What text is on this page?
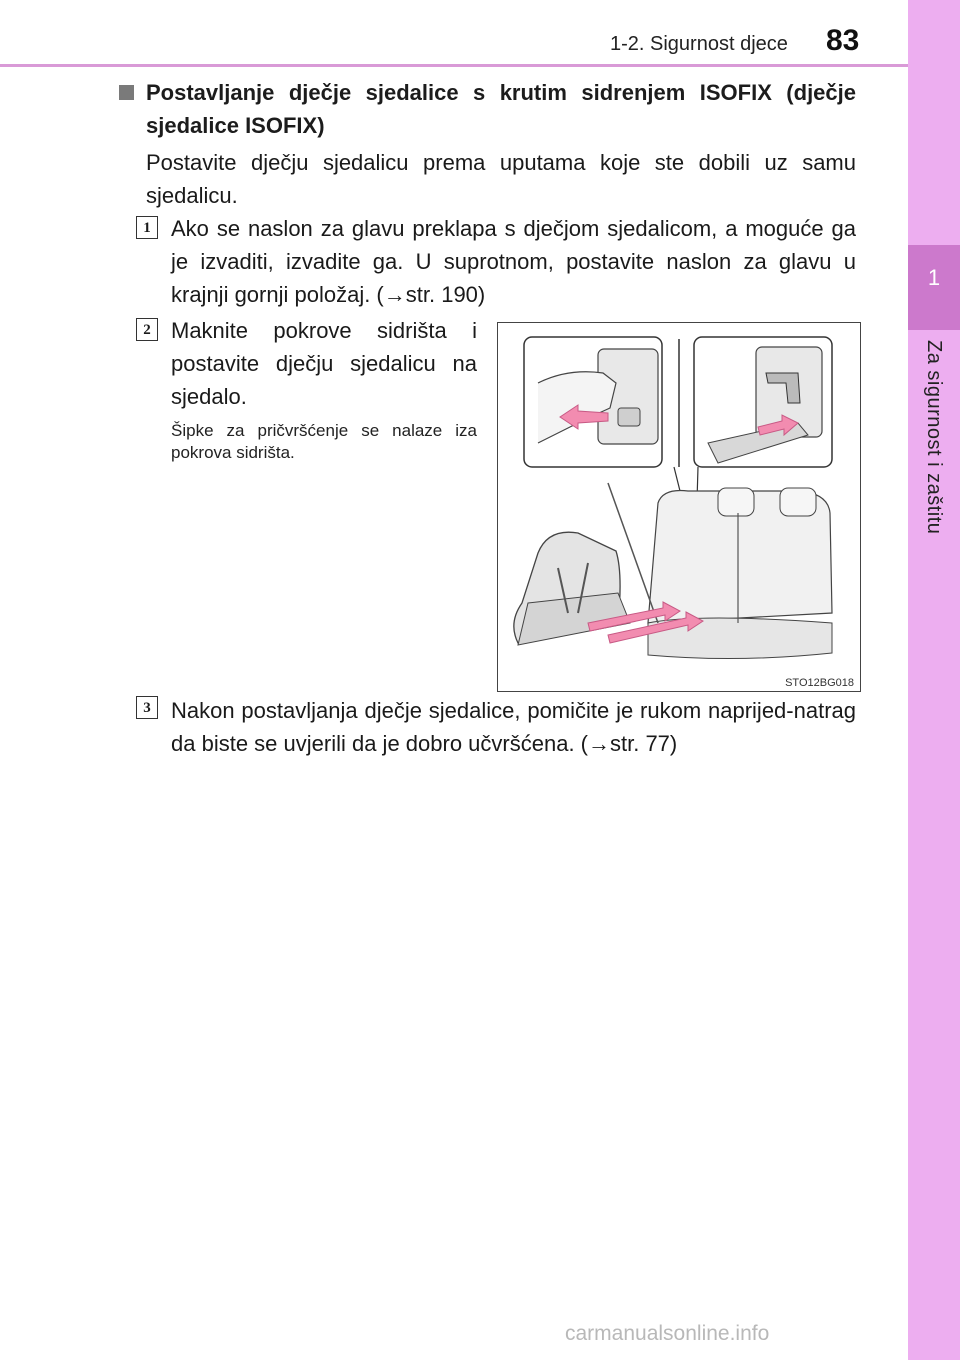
1-2. Sigurnost djece 83
1
Za sigurnost i zaštitu
Postavljanje dječje sjedalice s krutim sidrenjem ISOFIX (dječje sjedalice ISOFIX)
Postavite dječju sjedalicu prema uputama koje ste dobili uz samu sjedalicu.
1 Ako se naslon za glavu preklapa s dječjom sjedalicom, a moguće ga je izvaditi, izvadite ga. U suprotnom, postavite naslon za glavu u krajnji gornji položaj. (→str. 190)
2 Maknite pokrove sidrišta i postavite dječju sjedalicu na sjedalo.
Šipke za pričvršćenje se nalaze iza pokrova sidrišta.
STO12BG018
3 Nakon postavljanja dječje sjedalice, pomičite je rukom naprijed-natrag da biste se uvjerili da je dobro učvršćena. (→str. 77)
carmanualsonline.info
